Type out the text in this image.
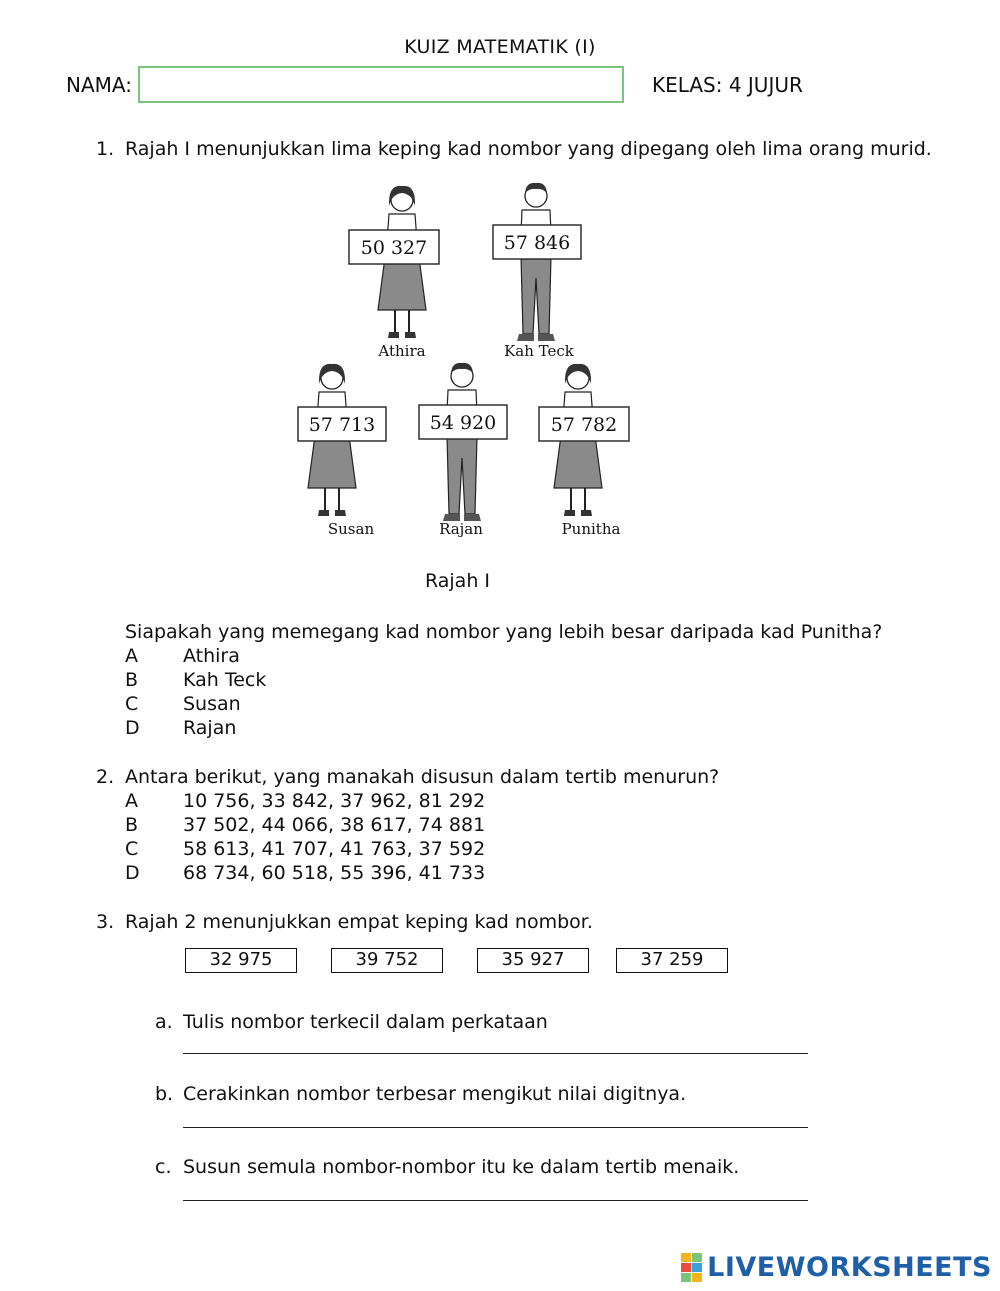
KUIZ MATEMATIK (I)
NAMA:	KELAS: 4 JUJUR
1. Rajah I menunjukkan lima keping kad nombor yang dipegang oleh lima orang murid.
50 327
Athira
57 846
Kah Teck
57 713
Susan
54 920
Rajan
57 782
Punitha
Rajah I
Siapakah yang memegang kad nombor yang lebih besar daripada kad Punitha?
A Athira
B Kah Teck
C Susan
D Rajan
2. Antara berikut, yang manakah disusun dalam tertib menurun?
A 10 756, 33 842, 37 962, 81 292
B 37 502, 44 066, 38 617, 74 881
C 58 613, 41 707, 41 763, 37 592
D 68 734, 60 518, 55 396, 41 733
3. Rajah 2 menunjukkan empat keping kad nombor.
32 975	39 752	35 927	37 259
a. Tulis nombor terkecil dalam perkataan
b. Cerakinkan nombor terbesar mengikut nilai digitnya.
c. Susun semula nombor-nombor itu ke dalam tertib menaik.
LIVEWORKSHEETS
